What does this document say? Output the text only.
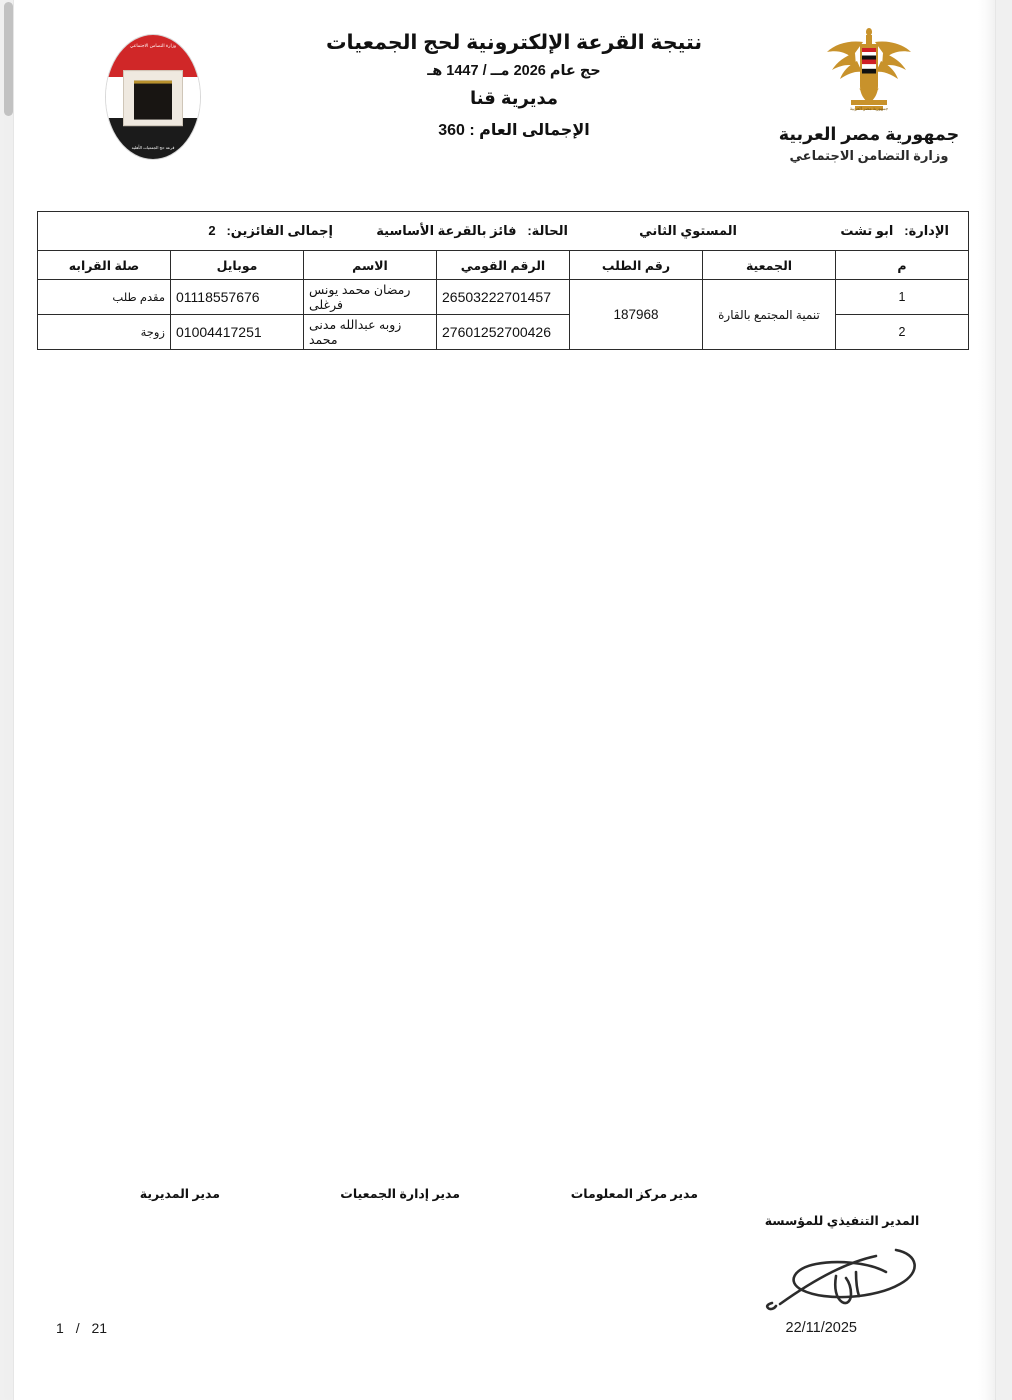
وزارة التضامن الاجتماعي
قرعة حج الجمعيات الأهلية
نتيجة القرعة الإلكترونية لحج الجمعيات
حج عام 2026 مــ / 1447 هـ
مديرية قنا
الإجمالى العام : 360
جمهورية مصر العربية
جمهورية مصر العربية
وزارة التضامن الاجتماعي
الإدارة:   ابو تشت
المستوي الثاني
الحالة:   فائز بالقرعة الأساسية
إجمالى الفائزين:   2						

م	الجمعية	رقم الطلب	الرقم القومي	الاسم	موبايل	صلة القرابه
1	تنمية المجتمع بالقارة	187968	26503222701457	رمضان محمد يونس فرغلى	01118557676	مقدم طلب
2			27601252700426	زوبه عبدالله مدنى محمد	01004417251	زوجة
مدير مركز المعلومات
مدير إدارة الجمعيات
مدير المديرية
المدير التنفيذي للمؤسسة
1 / 21	22/11/2025
